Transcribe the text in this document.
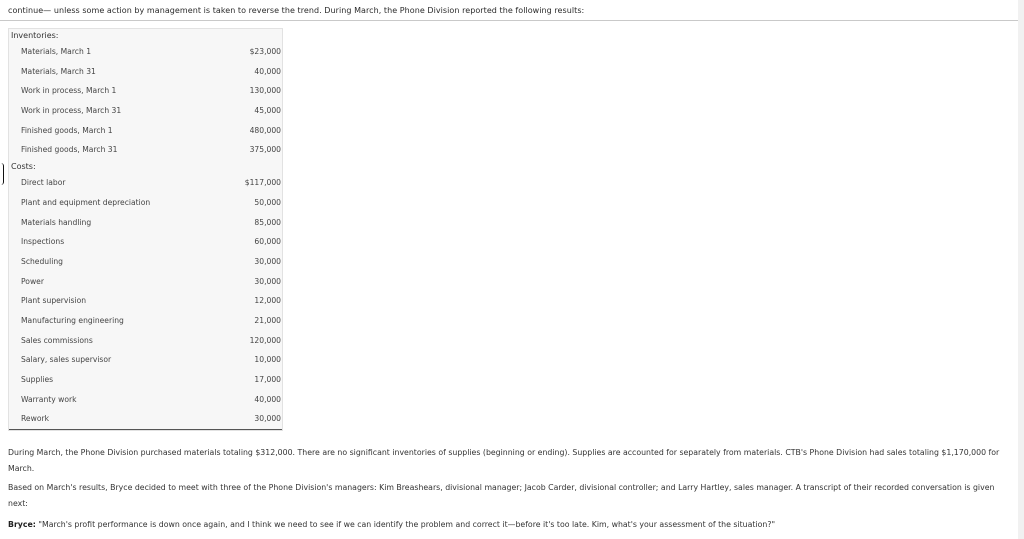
continue— unless some action by management is taken to reverse the trend. During March, the Phone Division reported the following results:
Inventories:
Materials, March 1	$23,000
Materials, March 31	40,000
Work in process, March 1	130,000
Work in process, March 31	45,000
Finished goods, March 1	480,000
Finished goods, March 31	375,000
Costs:
Direct labor	$117,000
Plant and equipment depreciation	50,000
Materials handling	85,000
Inspections	60,000
Scheduling	30,000
Power	30,000
Plant supervision	12,000
Manufacturing engineering	21,000
Sales commissions	120,000
Salary, sales supervisor	10,000
Supplies	17,000
Warranty work	40,000
Rework	30,000
During March, the Phone Division purchased materials totaling $312,000. There are no significant inventories of supplies (beginning or ending). Supplies are accounted for separately from materials. CTB's Phone Division had sales totaling $1,170,000 for March.
Based on March's results, Bryce decided to meet with three of the Phone Division's managers: Kim Breashears, divisional manager; Jacob Carder, divisional controller; and Larry Hartley, sales manager. A transcript of their recorded conversation is given next:
Bryce: "March's profit performance is down once again, and I think we need to see if we can identify the problem and correct it—before it's too late. Kim, what's your assessment of the situation?"
